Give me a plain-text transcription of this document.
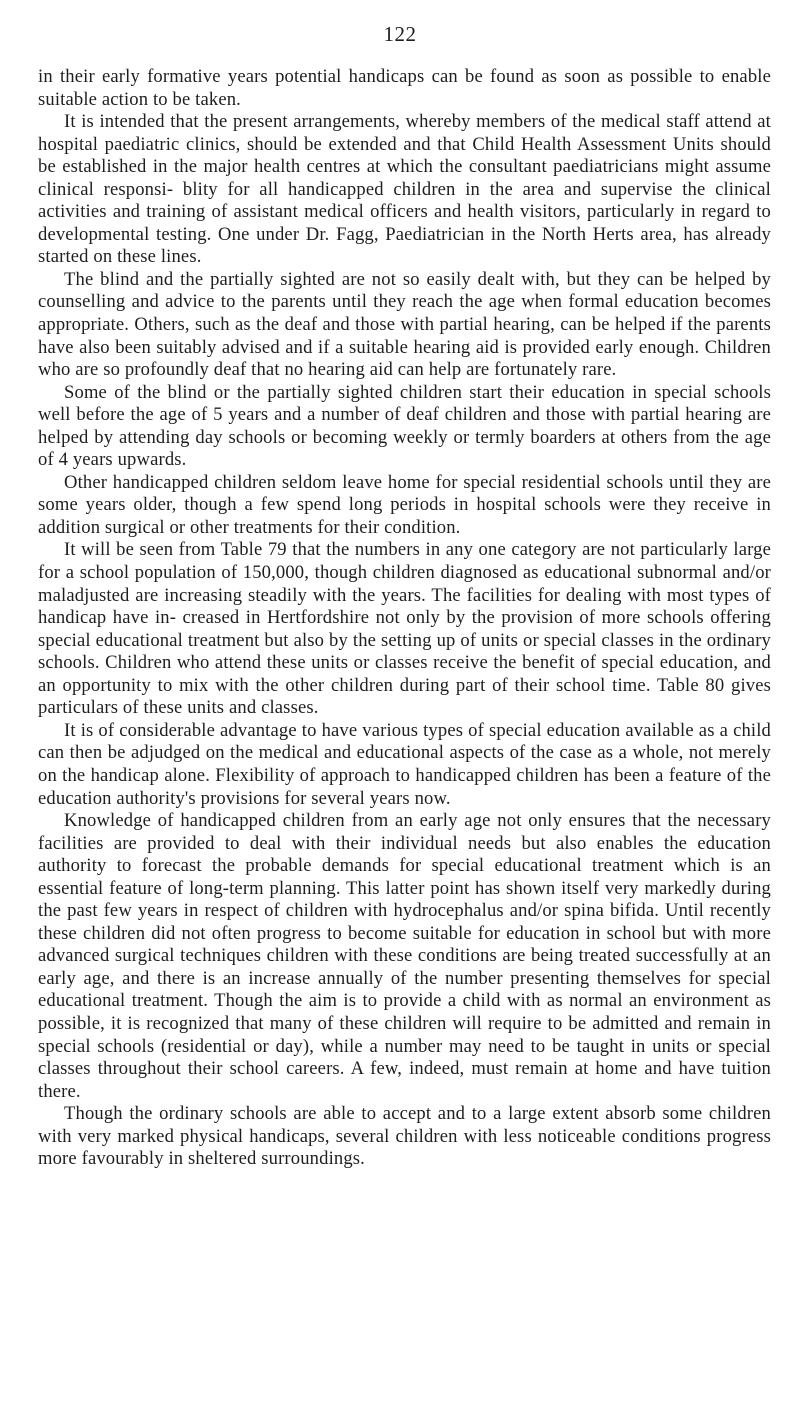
122

in their early formative years potential handicaps can be found as soon as possible to enable suitable action to be taken.

It is intended that the present arrangements, whereby members of the medical staff attend at hospital paediatric clinics, should be extended and that Child Health Assessment Units should be established in the major health centres at which the consultant paediatricians might assume clinical responsi- blity for all handicapped children in the area and supervise the clinical activities and training of assistant medical officers and health visitors, particularly in regard to developmental testing. One under Dr. Fagg, Paediatrician in the North Herts area, has already started on these lines.

The blind and the partially sighted are not so easily dealt with, but they can be helped by counselling and advice to the parents until they reach the age when formal education becomes appropriate. Others, such as the deaf and those with partial hearing, can be helped if the parents have also been suitably advised and if a suitable hearing aid is provided early enough. Children who are so profoundly deaf that no hearing aid can help are fortunately rare.

Some of the blind or the partially sighted children start their education in special schools well before the age of 5 years and a number of deaf children and those with partial hearing are helped by attending day schools or becoming weekly or termly boarders at others from the age of 4 years upwards.

Other handicapped children seldom leave home for special residential schools until they are some years older, though a few spend long periods in hospital schools were they receive in addition surgical or other treatments for their condition.

It will be seen from Table 79 that the numbers in any one category are not particularly large for a school population of 150,000, though children diagnosed as educational subnormal and/or maladjusted are increasing steadily with the years. The facilities for dealing with most types of handicap have in- creased in Hertfordshire not only by the provision of more schools offering special educational treatment but also by the setting up of units or special classes in the ordinary schools. Children who attend these units or classes receive the benefit of special education, and an opportunity to mix with the other children during part of their school time. Table 80 gives particulars of these units and classes.

It is of considerable advantage to have various types of special education available as a child can then be adjudged on the medical and educational aspects of the case as a whole, not merely on the handicap alone. Flexibility of approach to handicapped children has been a feature of the education authority's provisions for several years now.

Knowledge of handicapped children from an early age not only ensures that the necessary facilities are provided to deal with their individual needs but also enables the education authority to forecast the probable demands for special educational treatment which is an essential feature of long-term planning. This latter point has shown itself very markedly during the past few years in respect of children with hydrocephalus and/or spina bifida. Until recently these children did not often progress to become suitable for education in school but with more advanced surgical techniques children with these conditions are being treated successfully at an early age, and there is an increase annually of the number presenting themselves for special educational treatment. Though the aim is to provide a child with as normal an environment as possible, it is recognized that many of these children will require to be admitted and remain in special schools (residential or day), while a number may need to be taught in units or special classes throughout their school careers. A few, indeed, must remain at home and have tuition there.

Though the ordinary schools are able to accept and to a large extent absorb some children with very marked physical handicaps, several children with less noticeable conditions progress more favourably in sheltered surroundings.
